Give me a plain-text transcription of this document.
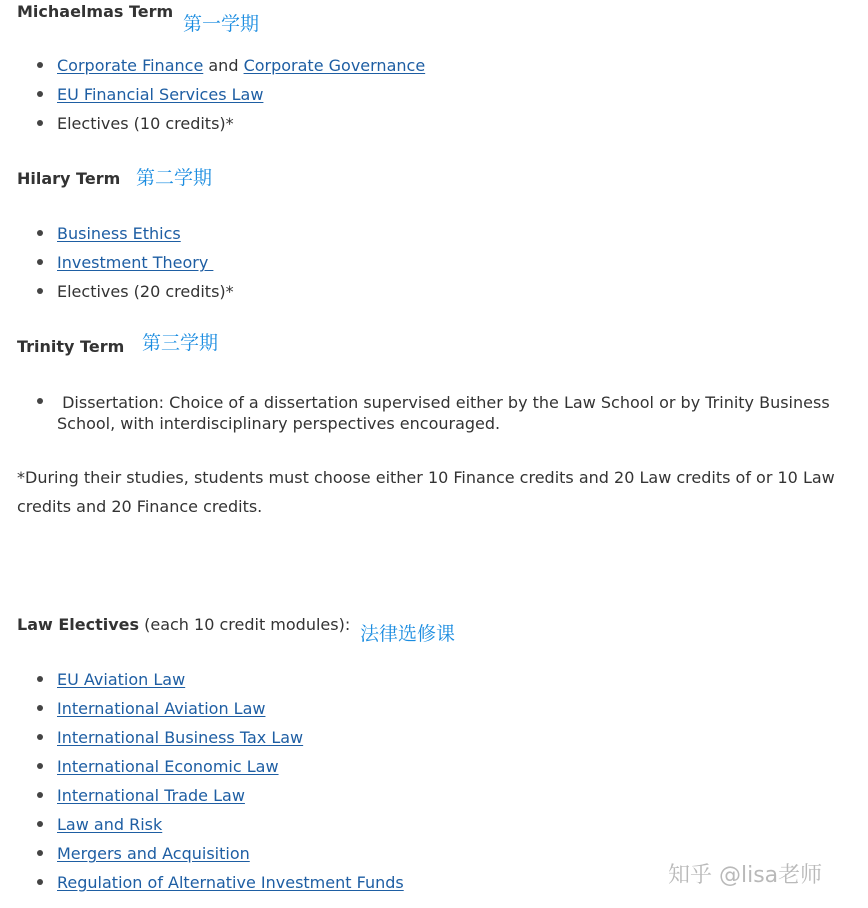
Michaelmas Term
第一学期
Corporate Finance and Corporate Governance
EU Financial Services Law
Electives (10 credits)*
Hilary Term 第二学期
Business Ethics
Investment Theory
Electives (20 credits)*
Trinity Term 第三学期
Dissertation: Choice of a dissertation supervised either by the Law School or by Trinity Business
School, with interdisciplinary perspectives encouraged.
*During their studies, students must choose either 10 Finance credits and 20 Law credits of or 10 Law credits and 20 Finance credits.
Law Electives (each 10 credit modules): 法律选修课
EU Aviation Law
International Aviation Law
International Business Tax Law
International Economic Law
International Trade Law
Law and Risk
Mergers and Acquisition
Regulation of Alternative Investment Funds	知乎 @lisa老师
